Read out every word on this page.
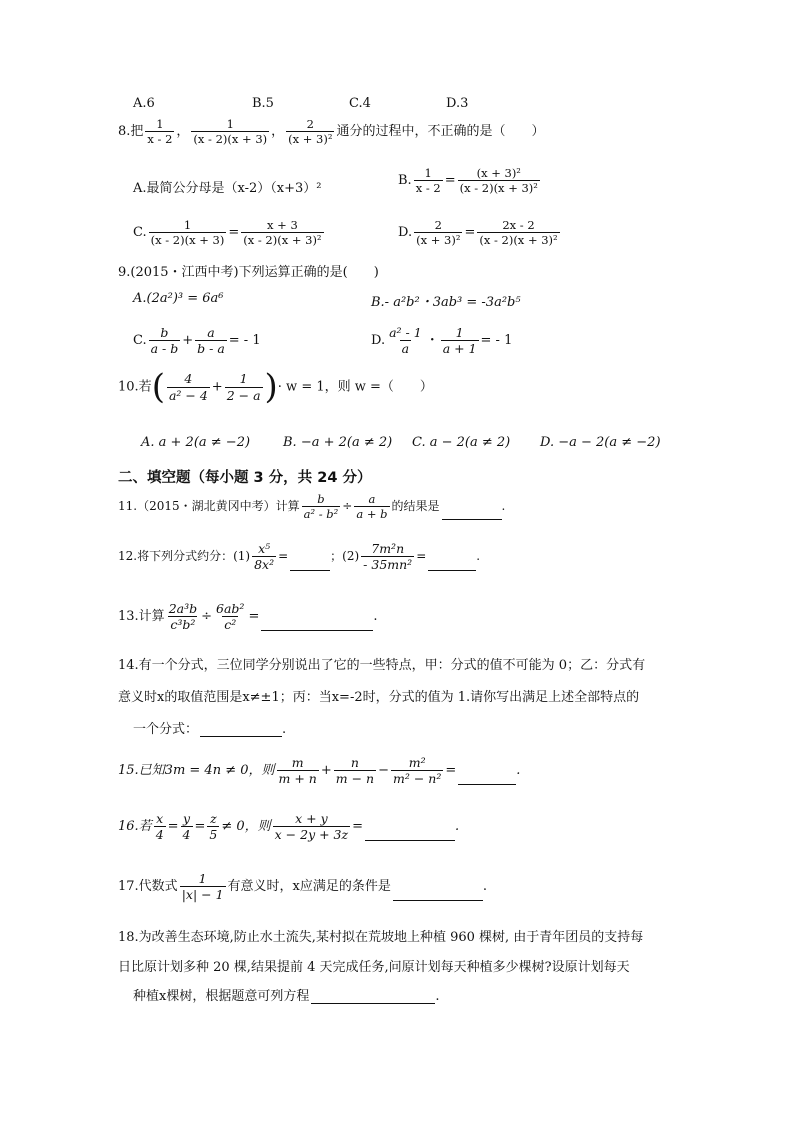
A.6	B.5	C.4	D.3
8.把 $\frac{1}{x - 2}$ ， $\frac{1}{(x - 2)(x + 3)}$ ， $\frac{2}{\text{(x + 3)²}}$ 通分的过程中，不正确的是（　　）
A.最简公分母是（x-2）（x+3）²
B. $\frac{1}{x - 2} = \frac{\text{(x + 3)²}}{\text{(x - 2)(x + 3)²}}$
C. $\frac{1}{(x - 2)(x + 3)} = \frac{x + 3}{\text{(x - 2)(x + 3)²}}$	D. $\frac{2}{\text{(x + 3)²}} = \frac{2x - 2}{\text{(x - 2)(x + 3)²}}$
9.(2015・江西中考)下列运算正确的是(　　)
A.(2a²)³ = 6a⁶	B.- a²b²・3ab³ = -3a²b⁵
C. $\frac{b}{a - b} + \frac{a}{b - a}$ = - 1	D. $\frac{\text{a² - 1}}{a}$ ・ $\frac{1}{a + 1}$ = - 1
10.若( $\frac{4}{\text{a² − 4}} + \frac{1}{2 - a}$ )· w = 1，则 w =（　　）
A. a + 2(a ≠ −2)	B. −a + 2(a ≠ 2) C. a − 2(a ≠ 2) D. −a − 2(a ≠ −2)
二、填空题（每小题 3 分，共 24 分）
11.（2015・湖北黄冈中考）计算 $\frac{b}{\text{a² - b²}} \div \frac{a}{a + b}$ 的结果是	.
12.将下列分式约分：$(1) \frac{\text{x⁵}}{\text{8x²}}$ =	；$(2) \frac{\text{7m²n}}{\text{- 35mn²}}$ =	.
13.计算 $\frac{\text{2a³b}}{\text{c³b²}} \div \frac{\text{6ab²}}{\text{c²}}$ =	.
14.有一个分式，三位同学分别说出了它的一些特点，甲：分式的值不可能为 0；乙：分式有
意义时x的取值范围是x≠±1；丙：当x=-2时，分式的值为 1.请你写出满足上述全部特点的
一个分式：	.
15.已知3m = 4n ≠ 0，则 $\frac{m}{m + n} + \frac{n}{m - n} - \frac{\text{m²}}{\text{m² − n²}}$ =	.
16.若 $\frac{x}{4} = \frac{y}{4} = \frac{z}{5} \ne 0$，则 $\frac{x + y}{x - 2y + 3z}$ =	.
17.代数式 $\frac{1}{|x| - 1}$ 有意义时，x应满足的条件是	.
18.为改善生态环境,防止水土流失,某村拟在荒坡地上种植 960 棵树, 由于青年团员的支持每
日比原计划多种 20 棵,结果提前 4 天完成任务,问原计划每天种植多少棵树?设原计划每天
种植x棵树，根据题意可列方程	.
